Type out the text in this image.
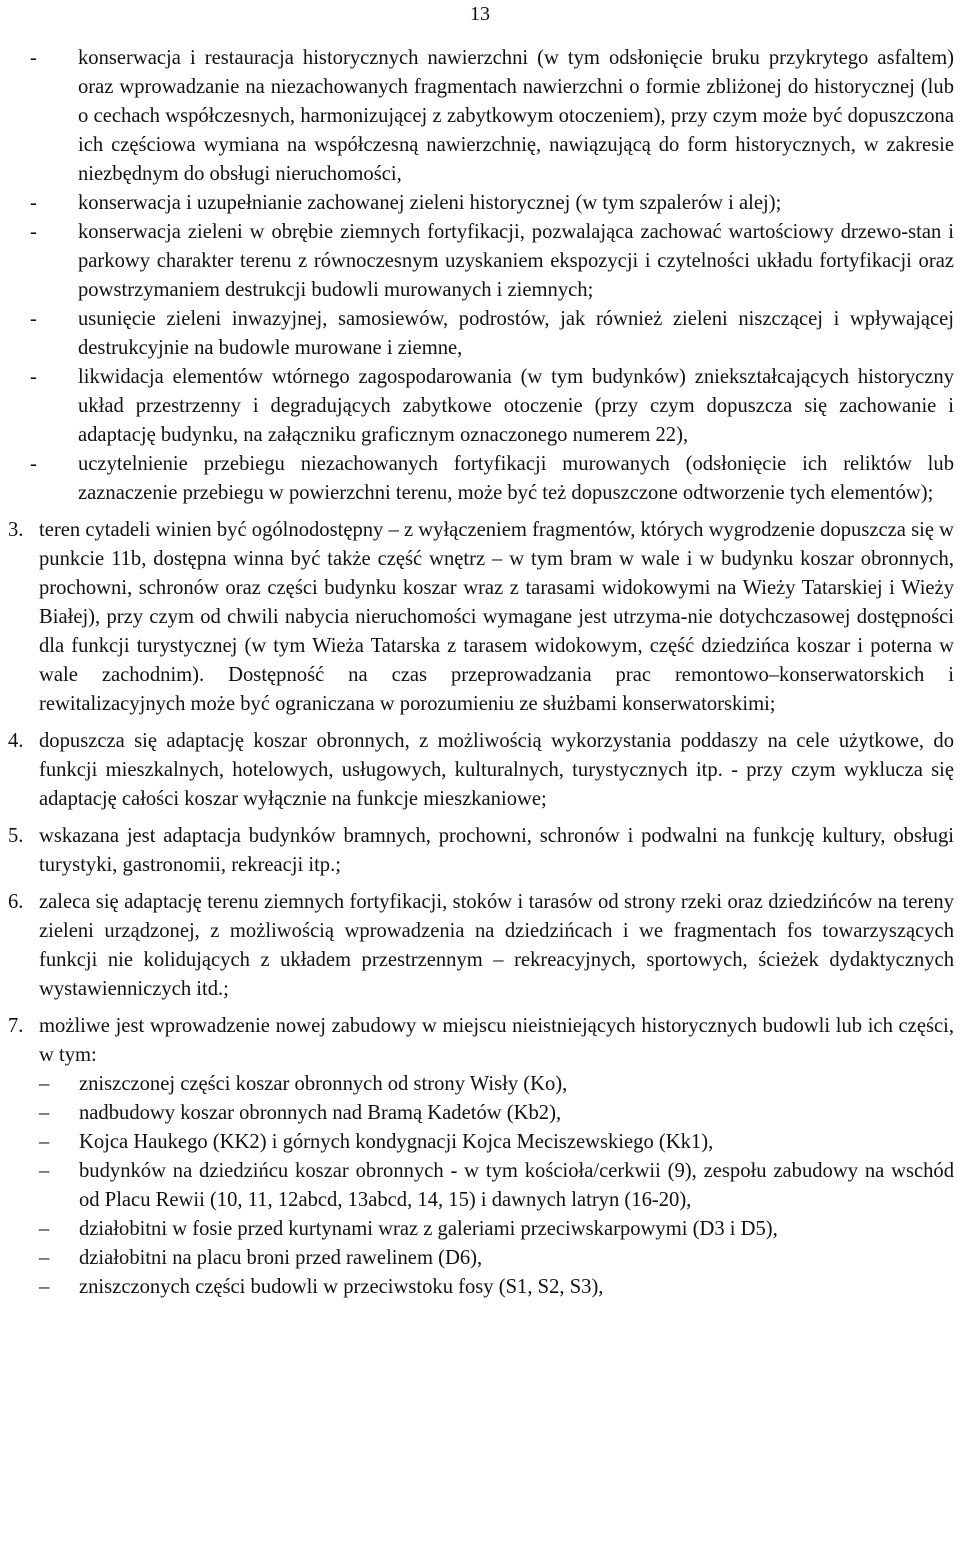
13
- konserwacja i restauracja historycznych nawierzchni (w tym odsłonięcie bruku przykrytego asfaltem) oraz wprowadzanie na niezachowanych fragmentach nawierzchni o formie zbliżonej do historycznej (lub o cechach współczesnych, harmonizującej z zabytkowym otoczeniem), przy czym może być dopuszczona ich częściowa wymiana na współczesną nawierzchnię, nawiązującą do form historycznych, w zakresie niezbędnym do obsługi nieruchomości,
- konserwacja i uzupełnianie zachowanej zieleni historycznej (w tym szpalerów i alej);
- konserwacja zieleni w obrębie ziemnych fortyfikacji, pozwalająca zachować wartościowy drzewo-stan i parkowy charakter terenu z równoczesnym uzyskaniem ekspozycji i czytelności układu fortyfikacji oraz powstrzymaniem destrukcji budowli murowanych i ziemnych;
- usunięcie zieleni inwazyjnej, samosiewów, podrostów, jak również zieleni niszczącej i wpływającej destrukcyjnie na budowle murowane i ziemne,
- likwidacja elementów wtórnego zagospodarowania (w tym budynków) zniekształcających historyczny układ przestrzenny i degradujących zabytkowe otoczenie (przy czym dopuszcza się zachowanie i adaptację budynku, na załączniku graficznym oznaczonego numerem 22),
- uczytelnienie przebiegu niezachowanych fortyfikacji murowanych (odsłonięcie ich reliktów lub zaznaczenie przebiegu w powierzchni terenu, może być też dopuszczone odtworzenie tych elementów);
3. teren cytadeli winien być ogólnodostępny – z wyłączeniem fragmentów, których wygrodzenie dopuszcza się w punkcie 11b, dostępna winna być także część wnętrz – w tym bram w wale i w budynku koszar obronnych, prochowni, schronów oraz części budynku koszar wraz z tarasami widokowymi na Wieży Tatarskiej i Wieży Białej), przy czym od chwili nabycia nieruchomości wymagane jest utrzyma-nie dotychczasowej dostępności dla funkcji turystycznej (w tym Wieża Tatarska z tarasem widokowym, część dziedzińca koszar i poterna w wale zachodnim). Dostępność na czas przeprowadzania prac remontowo–konserwatorskich i rewitalizacyjnych może być ograniczana w porozumieniu ze służbami konserwatorskimi;
4. dopuszcza się adaptację koszar obronnych, z możliwością wykorzystania poddaszy na cele użytkowe, do funkcji mieszkalnych, hotelowych, usługowych, kulturalnych, turystycznych itp. - przy czym wyklucza się adaptację całości koszar wyłącznie na funkcje mieszkaniowe;
5. wskazana jest adaptacja budynków bramnych, prochowni, schronów i podwalni na funkcję kultury, obsługi turystyki, gastronomii, rekreacji itp.;
6. zaleca się adaptację terenu ziemnych fortyfikacji, stoków i tarasów od strony rzeki oraz dziedzińców na tereny zieleni urządzonej, z możliwością wprowadzenia na dziedzińcach i we fragmentach fos towarzyszących funkcji nie kolidujących z układem przestrzennym – rekreacyjnych, sportowych, ścieżek dydaktycznych wystawienniczych itd.;
7. możliwe jest wprowadzenie nowej zabudowy w miejscu nieistniejących historycznych budowli lub ich części, w tym:
– zniszczonej części koszar obronnych od strony Wisły (Ko),
– nadbudowy koszar obronnych nad Bramą Kadetów (Kb2),
– Kojca Haukego (KK2) i górnych kondygnacji Kojca Meciszewskiego (Kk1),
– budynków na dziedzińcu koszar obronnych - w tym kościoła/cerkwii (9), zespołu zabudowy na wschód od Placu Rewii (10, 11, 12abcd, 13abcd, 14, 15) i dawnych latryn (16-20),
– działobitni w fosie przed kurtynami wraz z galeriami przeciwskarpowymi (D3 i D5),
– działobitni na placu broni przed rawelinem (D6),
– zniszczonych części budowli w przeciwstoku fosy (S1, S2, S3),
